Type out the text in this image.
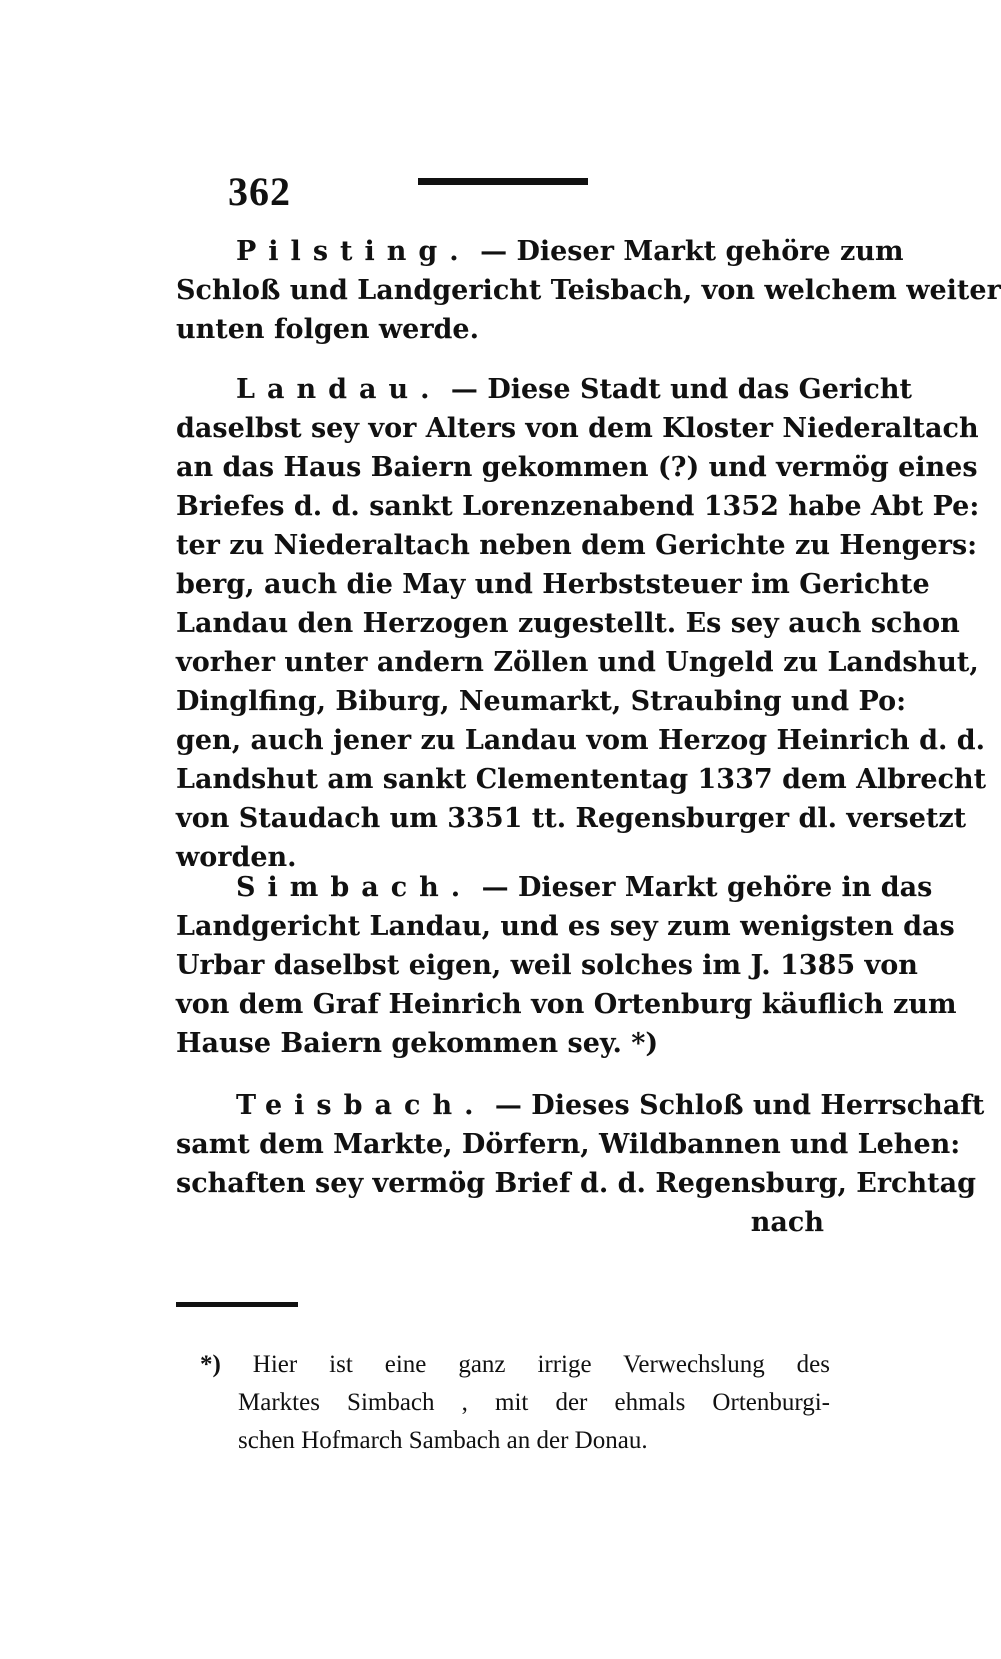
362
Pilsting. — Dieser Markt gehöre zum
Schloß und Landgericht Teisbach, von welchem weiter
unten folgen werde.
Landau. — Diese Stadt und das Gericht
daselbst sey vor Alters von dem Kloster Niederaltach
an das Haus Baiern gekommen (?) und vermög eines
Briefes d. d. sankt Lorenzenabend 1352 habe Abt Pe:
ter zu Niederaltach neben dem Gerichte zu Hengers:
berg, auch die May und Herbststeuer im Gerichte
Landau den Herzogen zugestellt. Es sey auch schon
vorher unter andern Zöllen und Ungeld zu Landshut,
Dinglfing, Biburg, Neumarkt, Straubing und Po:
gen, auch jener zu Landau vom Herzog Heinrich d. d.
Landshut am sankt Clemententag 1337 dem Albrecht
von Staudach um 3351 tt. Regensburger dl. versetzt
worden.
Simbach. — Dieser Markt gehöre in das
Landgericht Landau, und es sey zum wenigsten das
Urbar daselbst eigen, weil solches im J. 1385 von
von dem Graf Heinrich von Ortenburg käuflich zum
Hause Baiern gekommen sey. *)
Teisbach. — Dieses Schloß und Herrschaft
samt dem Markte, Dörfern, Wildbannen und Lehen:
schaften sey vermög Brief d. d. Regensburg, Erchtag
nach
*) Hier ist eine ganz irrige Verwechslung des
Marktes Simbach , mit der ehmals Ortenburgi-
schen Hofmarch Sambach an der Donau.
